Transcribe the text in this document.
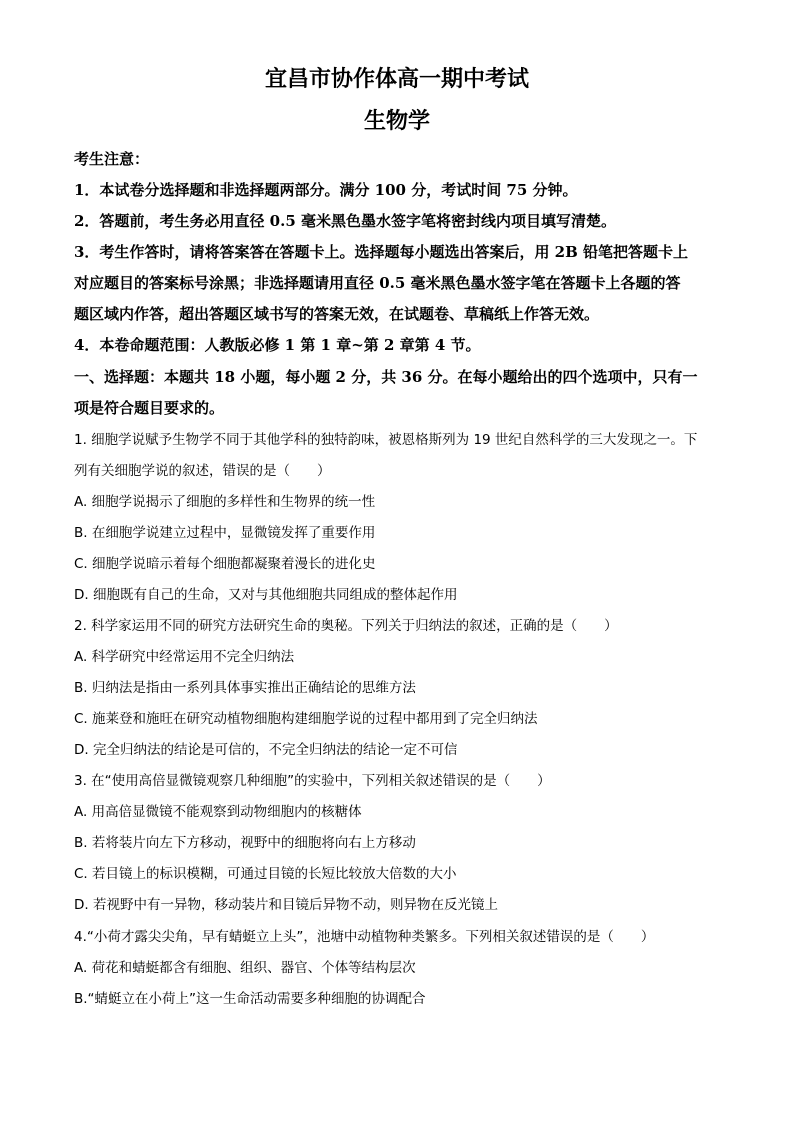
宜昌市协作体高一期中考试
生物学
考生注意：
1．本试卷分选择题和非选择题两部分。满分 100 分，考试时间 75 分钟。
2．答题前，考生务必用直径 0.5 毫米黑色墨水签字笔将密封线内项目填写清楚。
3．考生作答时，请将答案答在答题卡上。选择题每小题选出答案后，用 2B 铅笔把答题卡上
对应题目的答案标号涂黑；非选择题请用直径 0.5 毫米黑色墨水签字笔在答题卡上各题的答
题区域内作答，超出答题区域书写的答案无效，在试题卷、草稿纸上作答无效。
4．本卷命题范围：人教版必修 1 第 1 章~第 2 章第 4 节。
一、选择题：本题共 18 小题，每小题 2 分，共 36 分。在每小题给出的四个选项中，只有一
项是符合题目要求的。
1. 细胞学说赋予生物学不同于其他学科的独特韵味，被恩格斯列为 19 世纪自然科学的三大发现之一。下
列有关细胞学说的叙述，错误的是（　　）
A. 细胞学说揭示了细胞的多样性和生物界的统一性
B. 在细胞学说建立过程中，显微镜发挥了重要作用
C. 细胞学说暗示着每个细胞都凝聚着漫长的进化史
D. 细胞既有自己的生命，又对与其他细胞共同组成的整体起作用
2. 科学家运用不同的研究方法研究生命的奥秘。下列关于归纳法的叙述，正确的是（　　）
A. 科学研究中经常运用不完全归纳法
B. 归纳法是指由一系列具体事实推出正确结论的思维方法
C. 施莱登和施旺在研究动植物细胞构建细胞学说的过程中都用到了完全归纳法
D. 完全归纳法的结论是可信的，不完全归纳法的结论一定不可信
3. 在“使用高倍显微镜观察几种细胞”的实验中，下列相关叙述错误的是（　　）
A. 用高倍显微镜不能观察到动物细胞内的核糖体
B. 若将装片向左下方移动，视野中的细胞将向右上方移动
C. 若目镜上的标识模糊，可通过目镜的长短比较放大倍数的大小
D. 若视野中有一异物，移动装片和目镜后异物不动，则异物在反光镜上
4.“小荷才露尖尖角，早有蜻蜓立上头”，池塘中动植物种类繁多。下列相关叙述错误的是（　　）
A. 荷花和蜻蜓都含有细胞、组织、器官、个体等结构层次
B.“蜻蜓立在小荷上”这一生命活动需要多种细胞的协调配合
